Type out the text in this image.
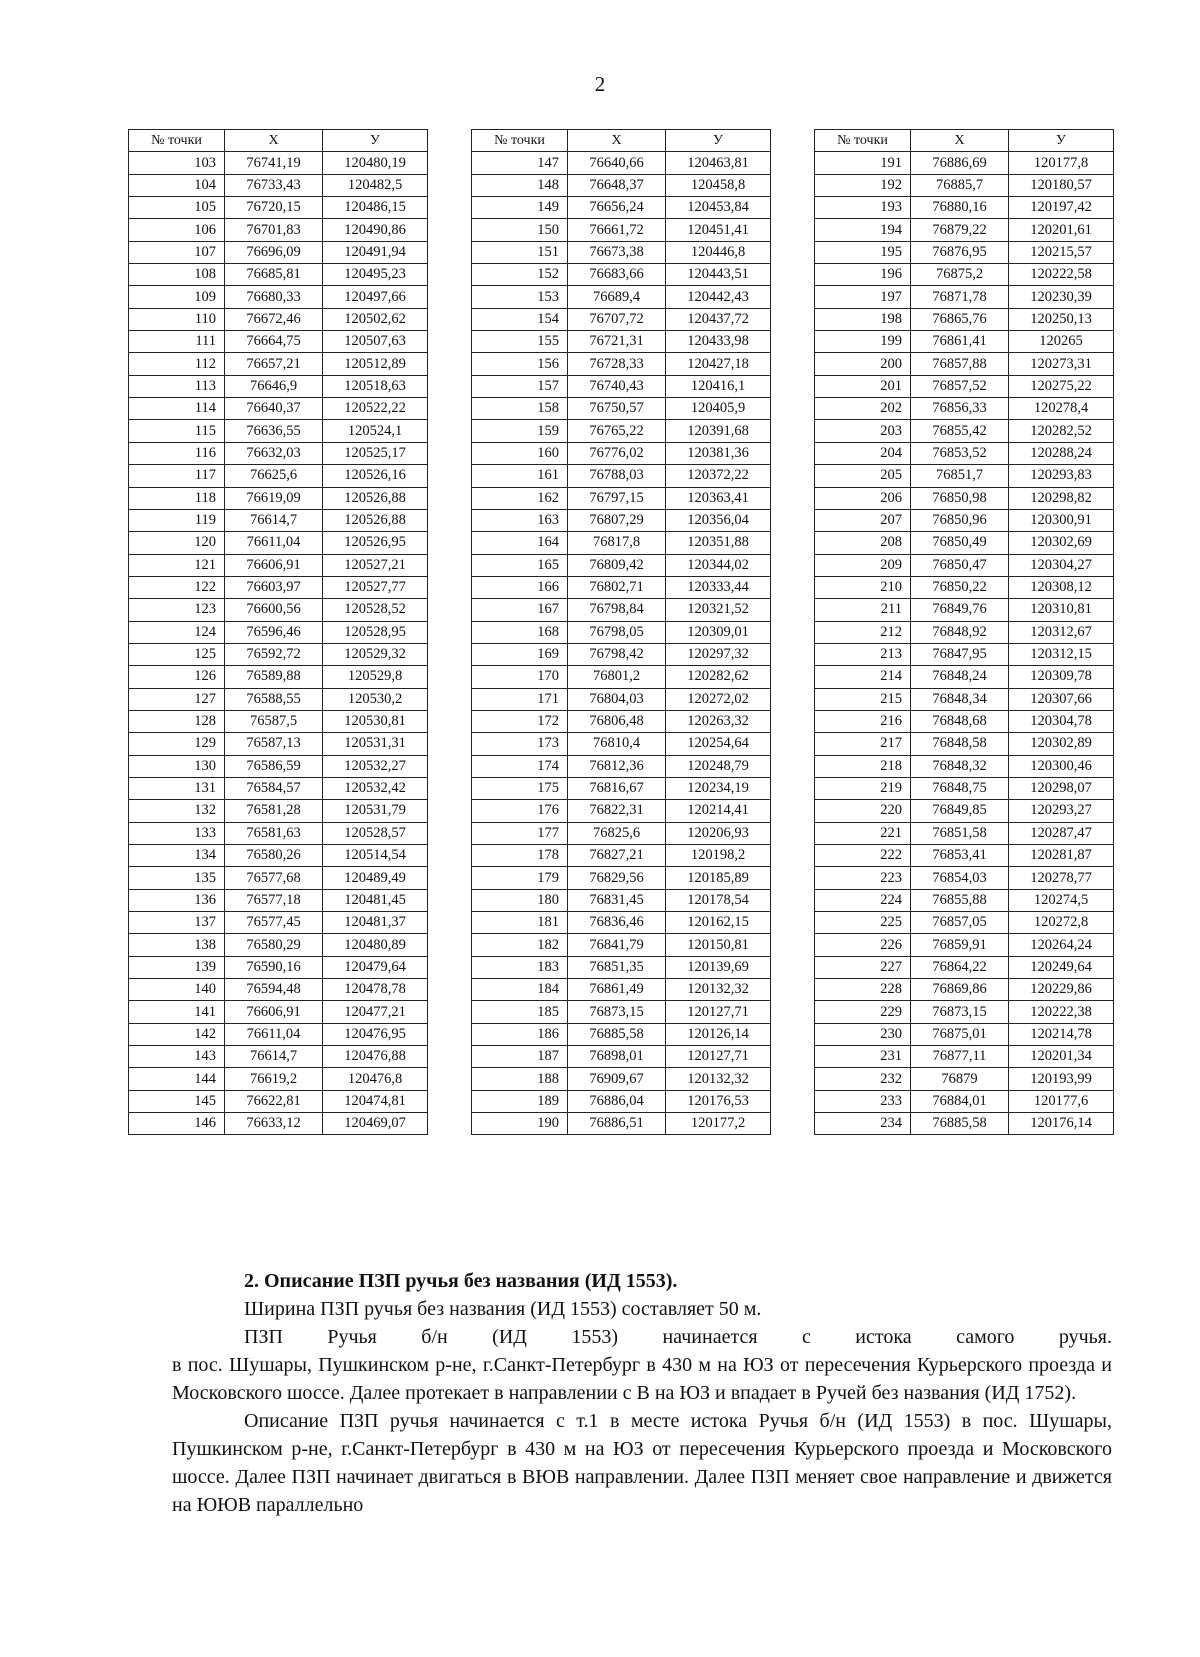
2
№ точки	X	У
103	76741,19	120480,19
104	76733,43	120482,5
105	76720,15	120486,15
106	76701,83	120490,86
107	76696,09	120491,94
108	76685,81	120495,23
109	76680,33	120497,66
110	76672,46	120502,62
111	76664,75	120507,63
112	76657,21	120512,89
113	76646,9	120518,63
114	76640,37	120522,22
115	76636,55	120524,1
116	76632,03	120525,17
117	76625,6	120526,16
118	76619,09	120526,88
119	76614,7	120526,88
120	76611,04	120526,95
121	76606,91	120527,21
122	76603,97	120527,77
123	76600,56	120528,52
124	76596,46	120528,95
125	76592,72	120529,32
126	76589,88	120529,8
127	76588,55	120530,2
128	76587,5	120530,81
129	76587,13	120531,31
130	76586,59	120532,27
131	76584,57	120532,42
132	76581,28	120531,79
133	76581,63	120528,57
134	76580,26	120514,54
135	76577,68	120489,49
136	76577,18	120481,45
137	76577,45	120481,37
138	76580,29	120480,89
139	76590,16	120479,64
140	76594,48	120478,78
141	76606,91	120477,21
142	76611,04	120476,95
143	76614,7	120476,88
144	76619,2	120476,8
145	76622,81	120474,81
146	76633,12	120469,07
№ точки	X	У
147	76640,66	120463,81
148	76648,37	120458,8
149	76656,24	120453,84
150	76661,72	120451,41
151	76673,38	120446,8
152	76683,66	120443,51
153	76689,4	120442,43
154	76707,72	120437,72
155	76721,31	120433,98
156	76728,33	120427,18
157	76740,43	120416,1
158	76750,57	120405,9
159	76765,22	120391,68
160	76776,02	120381,36
161	76788,03	120372,22
162	76797,15	120363,41
163	76807,29	120356,04
164	76817,8	120351,88
165	76809,42	120344,02
166	76802,71	120333,44
167	76798,84	120321,52
168	76798,05	120309,01
169	76798,42	120297,32
170	76801,2	120282,62
171	76804,03	120272,02
172	76806,48	120263,32
173	76810,4	120254,64
174	76812,36	120248,79
175	76816,67	120234,19
176	76822,31	120214,41
177	76825,6	120206,93
178	76827,21	120198,2
179	76829,56	120185,89
180	76831,45	120178,54
181	76836,46	120162,15
182	76841,79	120150,81
183	76851,35	120139,69
184	76861,49	120132,32
185	76873,15	120127,71
186	76885,58	120126,14
187	76898,01	120127,71
188	76909,67	120132,32
189	76886,04	120176,53
190	76886,51	120177,2
№ точки	X	У
191	76886,69	120177,8
192	76885,7	120180,57
193	76880,16	120197,42
194	76879,22	120201,61
195	76876,95	120215,57
196	76875,2	120222,58
197	76871,78	120230,39
198	76865,76	120250,13
199	76861,41	120265
200	76857,88	120273,31
201	76857,52	120275,22
202	76856,33	120278,4
203	76855,42	120282,52
204	76853,52	120288,24
205	76851,7	120293,83
206	76850,98	120298,82
207	76850,96	120300,91
208	76850,49	120302,69
209	76850,47	120304,27
210	76850,22	120308,12
211	76849,76	120310,81
212	76848,92	120312,67
213	76847,95	120312,15
214	76848,24	120309,78
215	76848,34	120307,66
216	76848,68	120304,78
217	76848,58	120302,89
218	76848,32	120300,46
219	76848,75	120298,07
220	76849,85	120293,27
221	76851,58	120287,47
222	76853,41	120281,87
223	76854,03	120278,77
224	76855,88	120274,5
225	76857,05	120272,8
226	76859,91	120264,24
227	76864,22	120249,64
228	76869,86	120229,86
229	76873,15	120222,38
230	76875,01	120214,78
231	76877,11	120201,34
232	76879	120193,99
233	76884,01	120177,6
234	76885,58	120176,14

2. Описание ПЗП ручья без названия (ИД 1553).

Ширина ПЗП ручья без названия (ИД 1553) составляет 50 м.

ПЗП Ручья б/н (ИД 1553) начинается с истока самого ручья.

в пос. Шушары, Пушкинском р-не, г.Санкт-Петербург в 430 м на ЮЗ от пересечения Курьерского проезда и Московского шоссе. Далее протекает в направлении с В на ЮЗ и впадает в Ручей без названия (ИД 1752).

Описание ПЗП ручья начинается с т.1 в месте истока Ручья б/н (ИД 1553) в пос. Шушары, Пушкинском р-не, г.Санкт-Петербург в 430 м на ЮЗ от пересечения Курьерского проезда и Московского шоссе. Далее ПЗП начинает двигаться в ВЮВ направлении. Далее ПЗП меняет свое направление и движется на ЮЮВ параллельно
